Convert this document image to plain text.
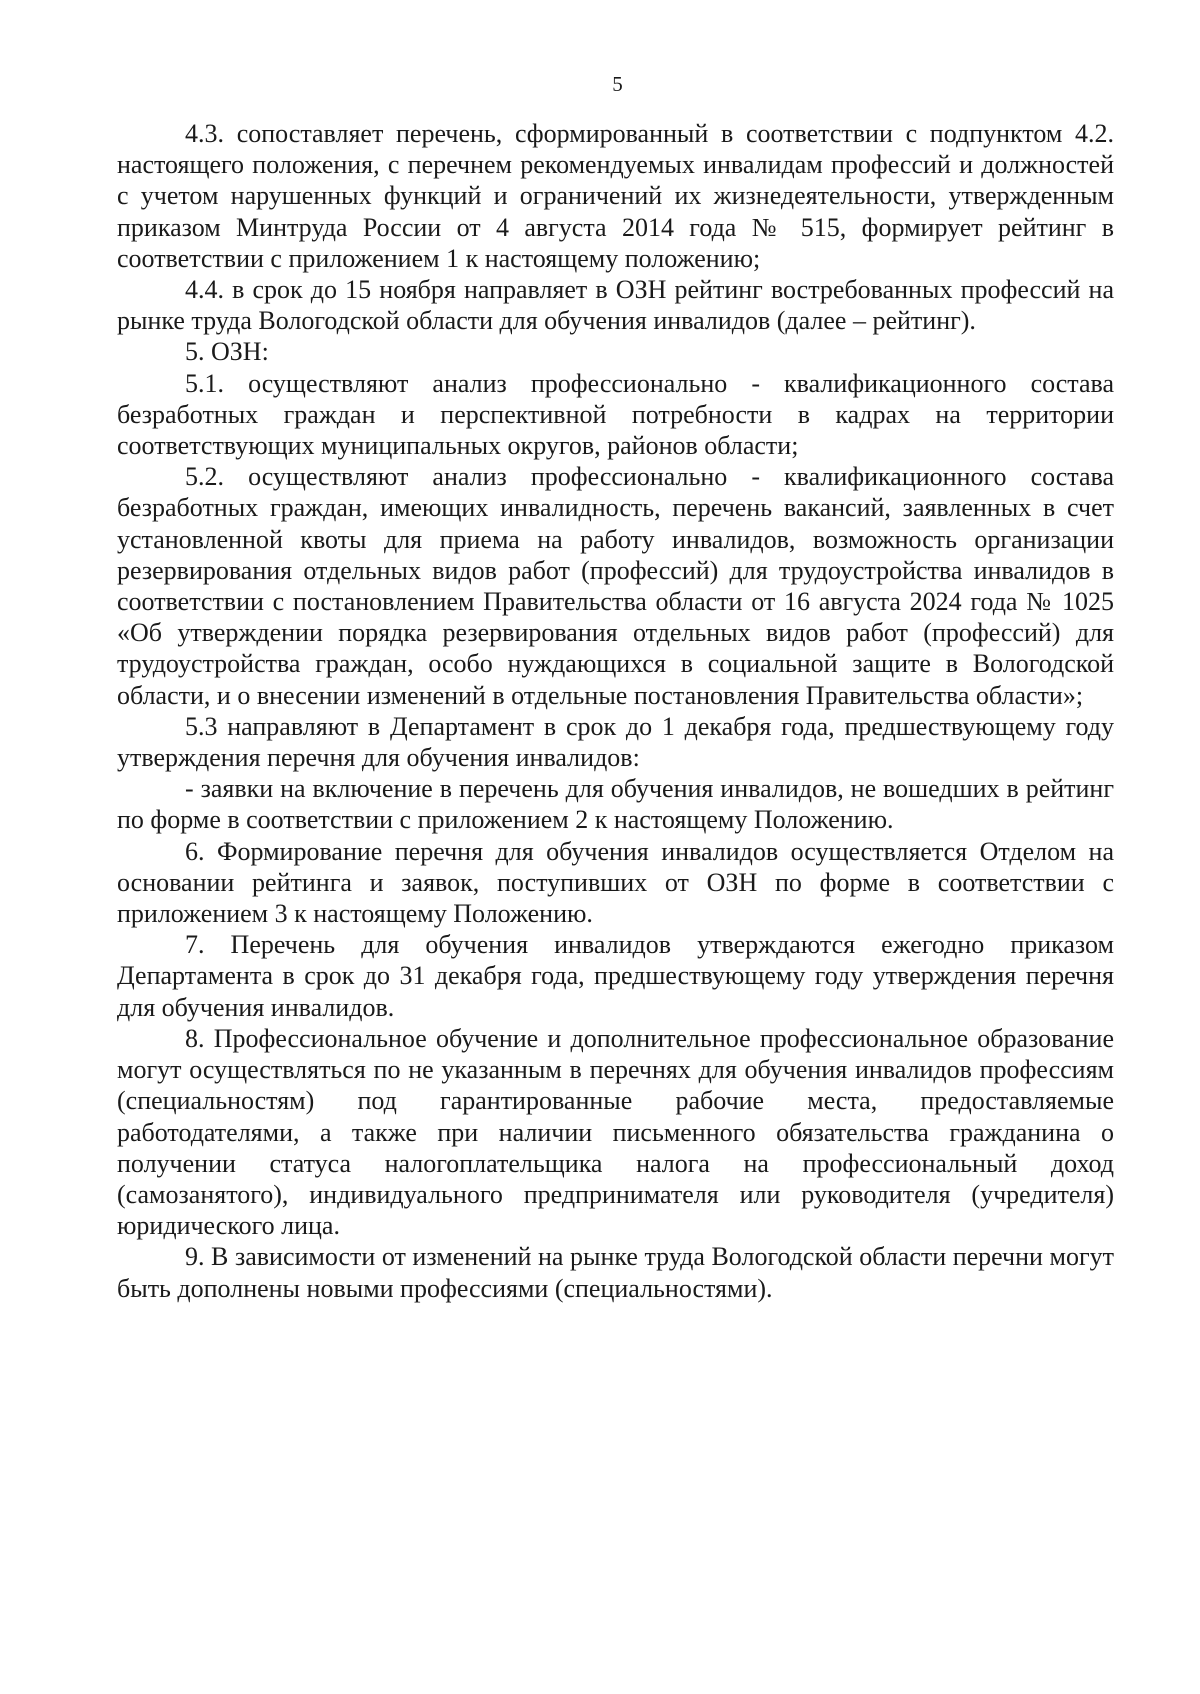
5

4.3. сопоставляет перечень, сформированный в соответствии с подпунктом 4.2. настоящего положения, с перечнем рекомендуемых инвалидам профессий и должностей с учетом нарушенных функций и ограничений их жизнедеятельности, утвержденным приказом Минтруда России от 4 августа 2014 года № 515, формирует рейтинг в соответствии с приложением 1 к настоящему положению;

4.4. в срок до 15 ноября направляет в ОЗН рейтинг востребованных профессий на рынке труда Вологодской области для обучения инвалидов (далее – рейтинг).

5. ОЗН:

5.1. осуществляют анализ профессионально - квалификационного состава безработных граждан и перспективной потребности в кадрах на территории соответствующих муниципальных округов, районов области;

5.2. осуществляют анализ профессионально - квалификационного состава безработных граждан, имеющих инвалидность, перечень вакансий, заявленных в счет установленной квоты для приема на работу инвалидов, возможность организации резервирования отдельных видов работ (профессий) для трудоустройства инвалидов в соответствии с постановлением Правительства области от 16 августа 2024 года № 1025 «Об утверждении порядка резервирования отдельных видов работ (профессий) для трудоустройства граждан, особо нуждающихся в социальной защите в Вологодской области, и о внесении изменений в отдельные постановления Правительства области»;

5.3 направляют в Департамент в срок до 1 декабря года, предшествующему году утверждения перечня для обучения инвалидов:

- заявки на включение в перечень для обучения инвалидов, не вошедших в рейтинг по форме в соответствии с приложением 2 к настоящему Положению.

6. Формирование перечня для обучения инвалидов осуществляется Отделом на основании рейтинга и заявок, поступивших от ОЗН по форме в соответствии с приложением 3 к настоящему Положению.

7. Перечень для обучения инвалидов утверждаются ежегодно приказом Департамента в срок до 31 декабря года, предшествующему году утверждения перечня для обучения инвалидов.

8. Профессиональное обучение и дополнительное профессиональное образование могут осуществляться по не указанным в перечнях для обучения инвалидов профессиям (специальностям) под гарантированные рабочие места, предоставляемые работодателями, а также при наличии письменного обязательства гражданина о получении статуса налогоплательщика налога на профессиональный доход (самозанятого), индивидуального предпринимателя или руководителя (учредителя) юридического лица.

9. В зависимости от изменений на рынке труда Вологодской области перечни могут быть дополнены новыми профессиями (специальностями).
